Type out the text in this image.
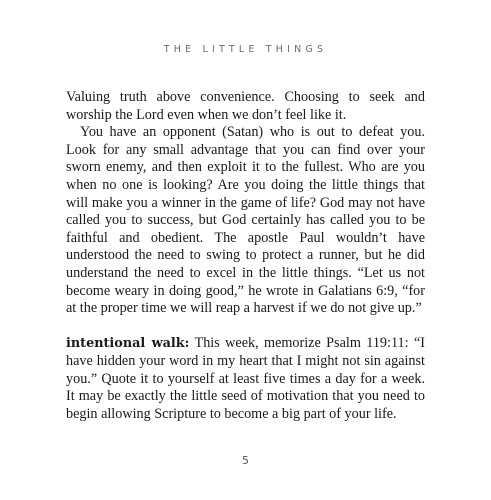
THE LITTLE THINGS

Valuing truth above convenience. Choosing to seek and worship the Lord even when we don’t feel like it.

You have an opponent (Satan) who is out to defeat you. Look for any small advantage that you can find over your sworn enemy, and then exploit it to the fullest. Who are you when no one is looking? Are you doing the little things that will make you a winner in the game of life? God may not have called you to success, but God certainly has called you to be faithful and obedient. The apostle Paul wouldn’t have understood the need to swing to protect a runner, but he did understand the need to excel in the little things. “Let us not become weary in doing good,” he wrote in Galatians 6:9, “for at the proper time we will reap a harvest if we do not give up.”

intentional walk: This week, memorize Psalm 119:11: “I have hidden your word in my heart that I might not sin against you.” Quote it to yourself at least five times a day for a week. It may be exactly the little seed of motivation that you need to begin allowing Scripture to become a big part of your life.

5
